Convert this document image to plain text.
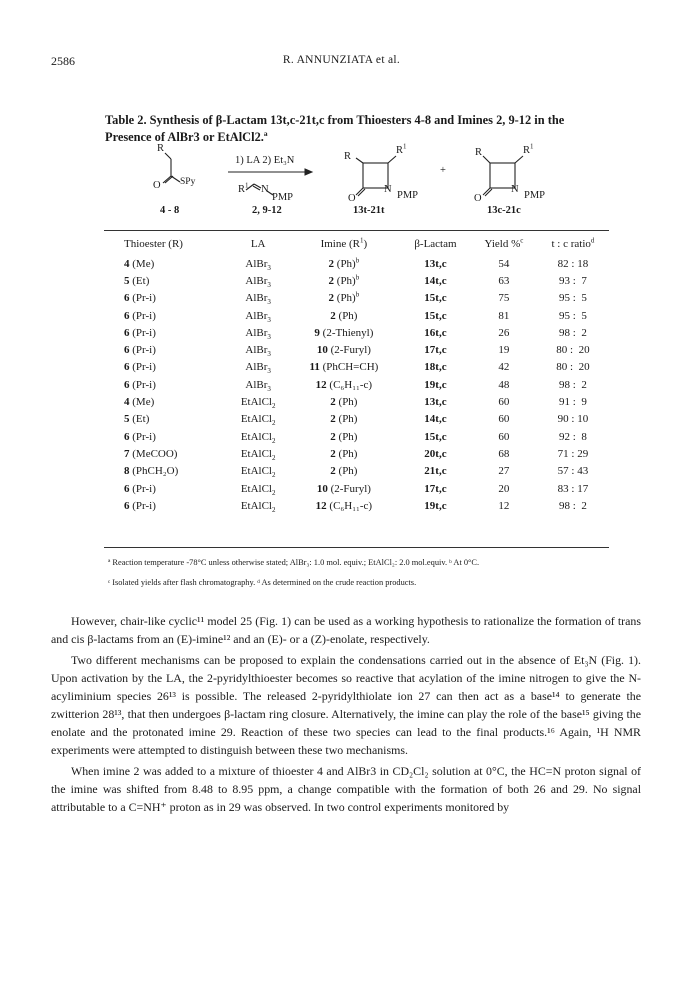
2586	R. ANNUNZIATA et al.
Table 2. Synthesis of β-Lactam 13t,c-21t,c from Thioesters 4-8 and Imines 2, 9-12 in the Presence of AlBr3 or EtAlCl2.ª
R
O SPy
4 - 8
1) LA 2) Et₃N
$R^1$ N
PMP
2, 9-12
R
$R^1$
O
N
PMP
13t-21t
+
R	$R^1$
O
N
PMP
13c-21c
Thioester (R)	LA	Imine $(R^1)$	β-Lactam	Yield %$^c$	t : c ratio$^d$
4 (Me)	AlBr$_3$	2 $(Ph)^b$	13t,c	54	82 : 18
5 (Et)	AlBr$_3$	2 $(Ph)^b$	14t,c	63	93 :  7
6 (Pr-i)	AlBr$_3$	2 $(Ph)^b$	15t,c	75	95 :  5
6 (Pr-i)	AlBr$_3$	2 (Ph)	15t,c	81	95 :  5
6 (Pr-i)	AlBr$_3$	9 (2-Thienyl)	16t,c	26	98 :  2
6 (Pr-i)	AlBr$_3$	10 (2-Furyl)	17t,c	19	80 :  20
6 (Pr-i)	AlBr$_3$	11 (PhCH=CH)	18t,c	42	80 :  20
6 (Pr-i)	AlBr$_3$	12 (C₆H₁₁-c)	19t,c	48	98 :  2
4 (Me)	EtAlCl$_2$	2 (Ph)	13t,c	60	91 :  9
5 (Et)	EtAlCl$_2$	2 (Ph)	14t,c	60	90 : 10
6 (Pr-i)	EtAlCl$_2$	2 (Ph)	15t,c	60	92 :  8
7 (MeCOO)	EtAlCl$_2$	2 (Ph)	20t,c	68	71 : 29
8 (PhCH₂O)	EtAlCl$_2$	2 (Ph)	21t,c	27	57 : 43
6 (Pr-i)	EtAlCl$_2$	10 (2-Furyl)	17t,c	20	83 : 17
6 (Pr-i)	EtAlCl$_2$	12 (C₆H₁₁-c)	19t,c	12	98 :  2
ª Reaction temperature -78°C unless otherwise stated; AlBr₃: 1.0 mol. equiv.; EtAlCl₂: 2.0 mol.equiv. ᵇ At 0°C.
ᶜ Isolated yields after flash chromatography. ᵈ As determined on the crude reaction products.

However, chair-like cyclic¹¹ model 25 (Fig. 1) can be used as a working hypothesis to rationalize the formation of trans and cis β-lactams from an (E)-imine¹² and an (E)- or a (Z)-enolate, respectively.

Two different mechanisms can be proposed to explain the condensations carried out in the absence of Et₃N (Fig. 1). Upon activation by the LA, the 2-pyridylthioester becomes so reactive that acylation of the imine nitrogen to give the N-acyliminium species 26¹³ is possible. The released 2-pyridylthiolate ion 27 can then act as a base¹⁴ to generate the zwitterion 28¹³, that then undergoes β-lactam ring closure. Alternatively, the imine can play the role of the base¹⁵ giving the enolate and the protonated imine 29. Reaction of these two species can lead to the final products.¹⁶ Again, ¹H NMR experiments were attempted to distinguish between these two mechanisms.

When imine 2 was added to a mixture of thioester 4 and AlBr3 in CD₂Cl₂ solution at 0°C, the HC=N proton signal of the imine was shifted from 8.48 to 8.95 ppm, a change compatible with the formation of both 26 and 29. No signal attributable to a C=NH⁺ proton as in 29 was observed. In two control experiments monitored by
